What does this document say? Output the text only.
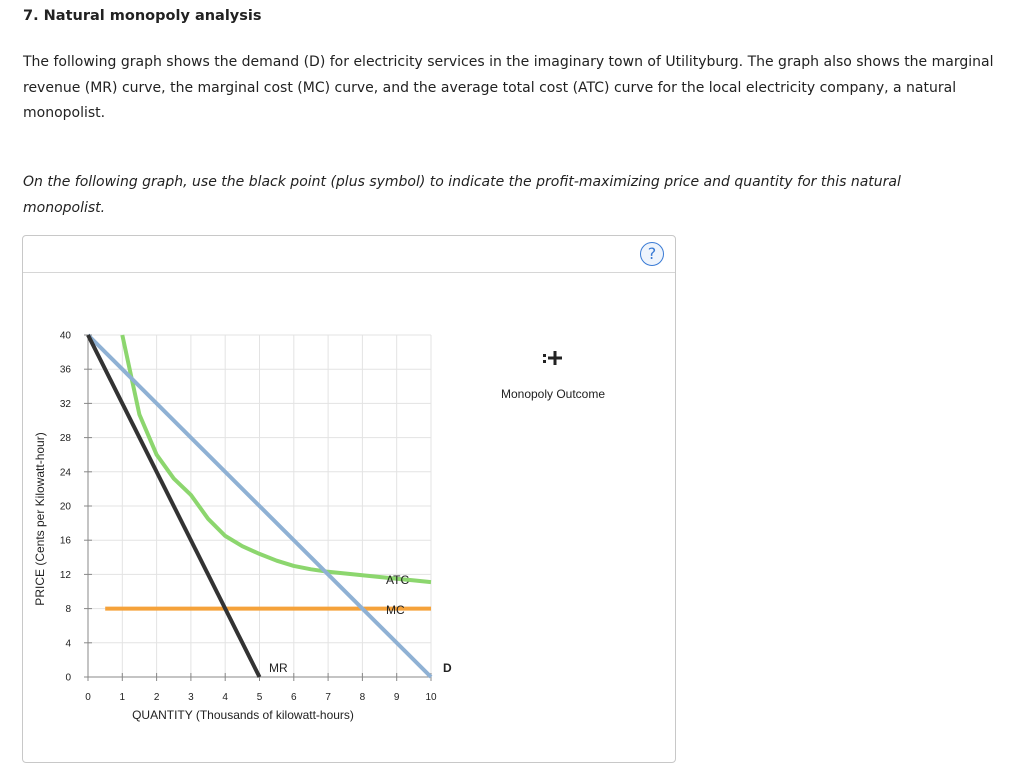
7. Natural monopoly analysis
The following graph shows the demand (D) for electricity services in the imaginary town of Utilityburg. The graph also shows the marginal revenue (MR) curve, the marginal cost (MC) curve, and the average total cost (ATC) curve for the local electricity company, a natural monopolist.
On the following graph, use the black point (plus symbol) to indicate the profit-maximizing price and quantity for this natural monopolist.
?
0	1	2	3	4	5	6	7	8	9	10
0
4
8
12
16
20
24
28
32
36
40
QUANTITY (Thousands of kilowatt-hours)
PRICE (Cents per Kilowatt-hour)	ATC
MC
MR	D
Monopoly Outcome
